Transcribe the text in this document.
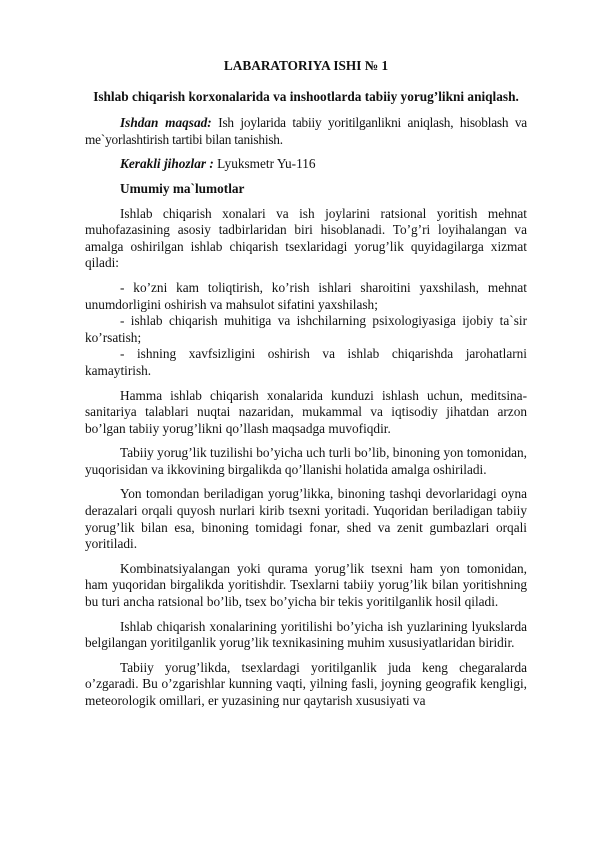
LABARATORIYA ISHI № 1
Ishlab chiqarish korxonalarida va inshootlarda tabiiy yorug’likni aniqlash.

Ishdan maqsad: Ish joylarida tabiiy yoritilganlikni aniqlash, hisoblash va me`yorlashtirish tartibi bilan tanishish.

Kerakli jihozlar : Lyuksmetr Yu-116

Umumiy ma`lumotlar

Ishlab chiqarish xonalari va ish joylarini ratsional yoritish mehnat muhofazasining asosiy tadbirlaridan biri hisoblanadi. To’g’ri loyihalangan va amalga oshirilgan ishlab chiqarish tsexlaridagi yorug’lik quyidagilarga xizmat qiladi:

- ko’zni kam toliqtirish, ko’rish ishlari sharoitini yaxshilash, mehnat unumdorligini oshirish va mahsulot sifatini yaxshilash;

- ishlab chiqarish muhitiga va ishchilarning psixologiyasiga ijobiy ta`sir ko’rsatish;

- ishning xavfsizligini oshirish va ishlab chiqarishda jarohatlarni kamaytirish.

Hamma ishlab chiqarish xonalarida kunduzi ishlash uchun, meditsina-sanitariya talablari nuqtai nazaridan, mukammal va iqtisodiy jihatdan arzon bo’lgan tabiiy yorug’likni qo’llash maqsadga muvofiqdir.

Tabiiy yorug’lik tuzilishi bo’yicha uch turli bo’lib, binoning yon tomonidan, yuqorisidan va ikkovining birgalikda qo’llanishi holatida amalga oshiriladi.

Yon tomondan beriladigan yorug’likka, binoning tashqi devorlaridagi oyna derazalari orqali quyosh nurlari kirib tsexni yoritadi. Yuqoridan beriladigan tabiiy yorug’lik bilan esa, binoning tomidagi fonar, shed va zenit gumbazlari orqali yoritiladi.

Kombinatsiyalangan yoki qurama yorug’lik tsexni ham yon tomonidan, ham yuqoridan birgalikda yoritishdir. Tsexlarni tabiiy yorug’lik bilan yoritishning bu turi ancha ratsional bo’lib, tsex bo’yicha bir tekis yoritilganlik hosil qiladi.

Ishlab chiqarish xonalarining yoritilishi bo’yicha ish yuzlarining lyukslarda belgilangan yoritilganlik yorug’lik texnikasining muhim xususiyatlaridan biridir.

Tabiiy yorug’likda, tsexlardagi yoritilganlik juda keng chegaralarda o’zgaradi. Bu o’zgarishlar kunning vaqti, yilning fasli, joyning geografik kengligi, meteorologik omillari, er yuzasining nur qaytarish xususiyati va
